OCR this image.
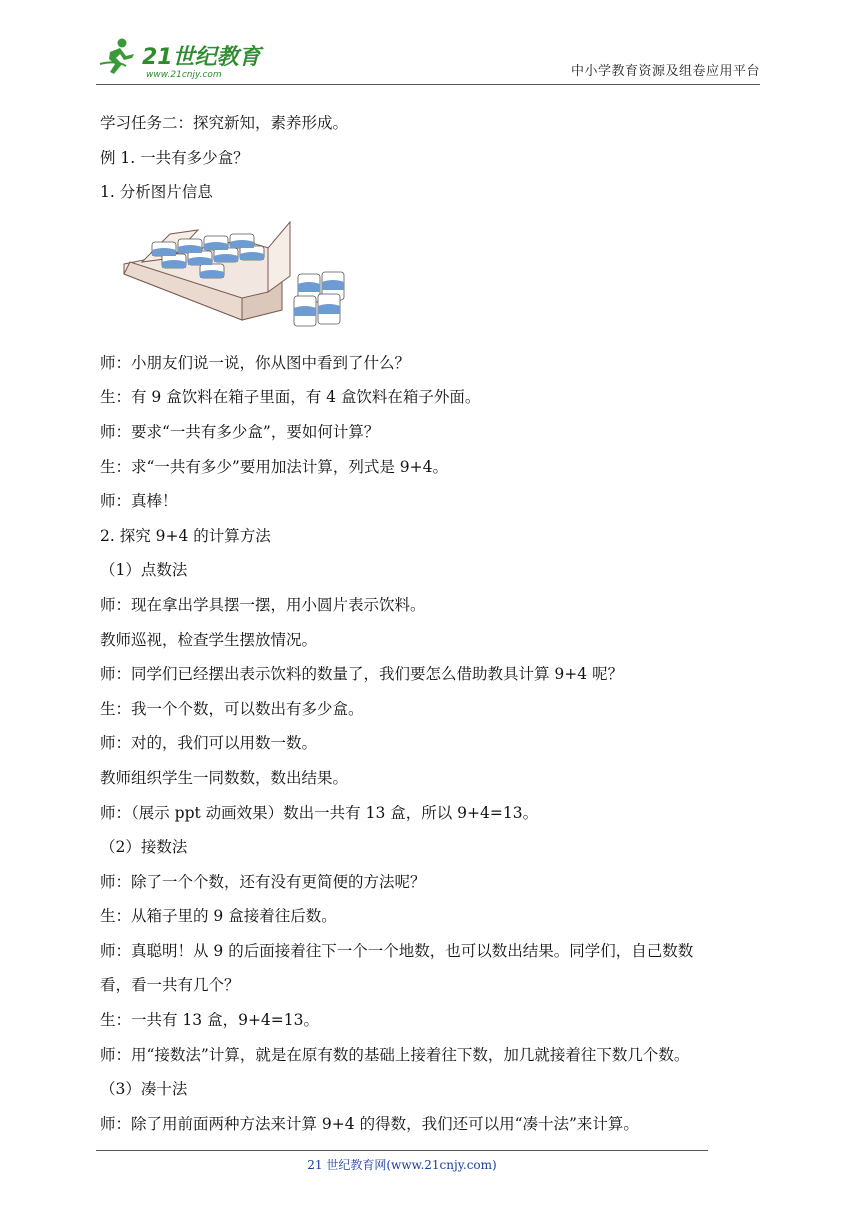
21世纪教育
www.21cnjy.com	中小学教育资源及组卷应用平台
学习任务二：探究新知，素养形成。
例 1. 一共有多少盒？
1. 分析图片信息
师：小朋友们说一说，你从图中看到了什么？
生：有 9 盒饮料在箱子里面，有 4 盒饮料在箱子外面。
师：要求“一共有多少盒”，要如何计算？
生：求“一共有多少”要用加法计算，列式是 9+4。
师：真棒！
2. 探究 9+4 的计算方法
（1）点数法
师：现在拿出学具摆一摆，用小圆片表示饮料。
教师巡视，检查学生摆放情况。
师：同学们已经摆出表示饮料的数量了，我们要怎么借助教具计算 9+4 呢？
生：我一个个数，可以数出有多少盒。
师：对的，我们可以用数一数。
教师组织学生一同数数，数出结果。
师：（展示 ppt 动画效果）数出一共有 13 盒，所以 9+4=13。
（2）接数法
师：除了一个个数，还有没有更简便的方法呢？
生：从箱子里的 9 盒接着往后数。
师：真聪明！从 9 的后面接着往下一个一个地数，也可以数出结果。同学们，自己数数
看，看一共有几个？
生：一共有 13 盒，9+4=13。
师：用“接数法”计算，就是在原有数的基础上接着往下数，加几就接着往下数几个数。
（3）凑十法
师：除了用前面两种方法来计算 9+4 的得数，我们还可以用“凑十法”来计算。
21 世纪教育网(www.21cnjy.com)
